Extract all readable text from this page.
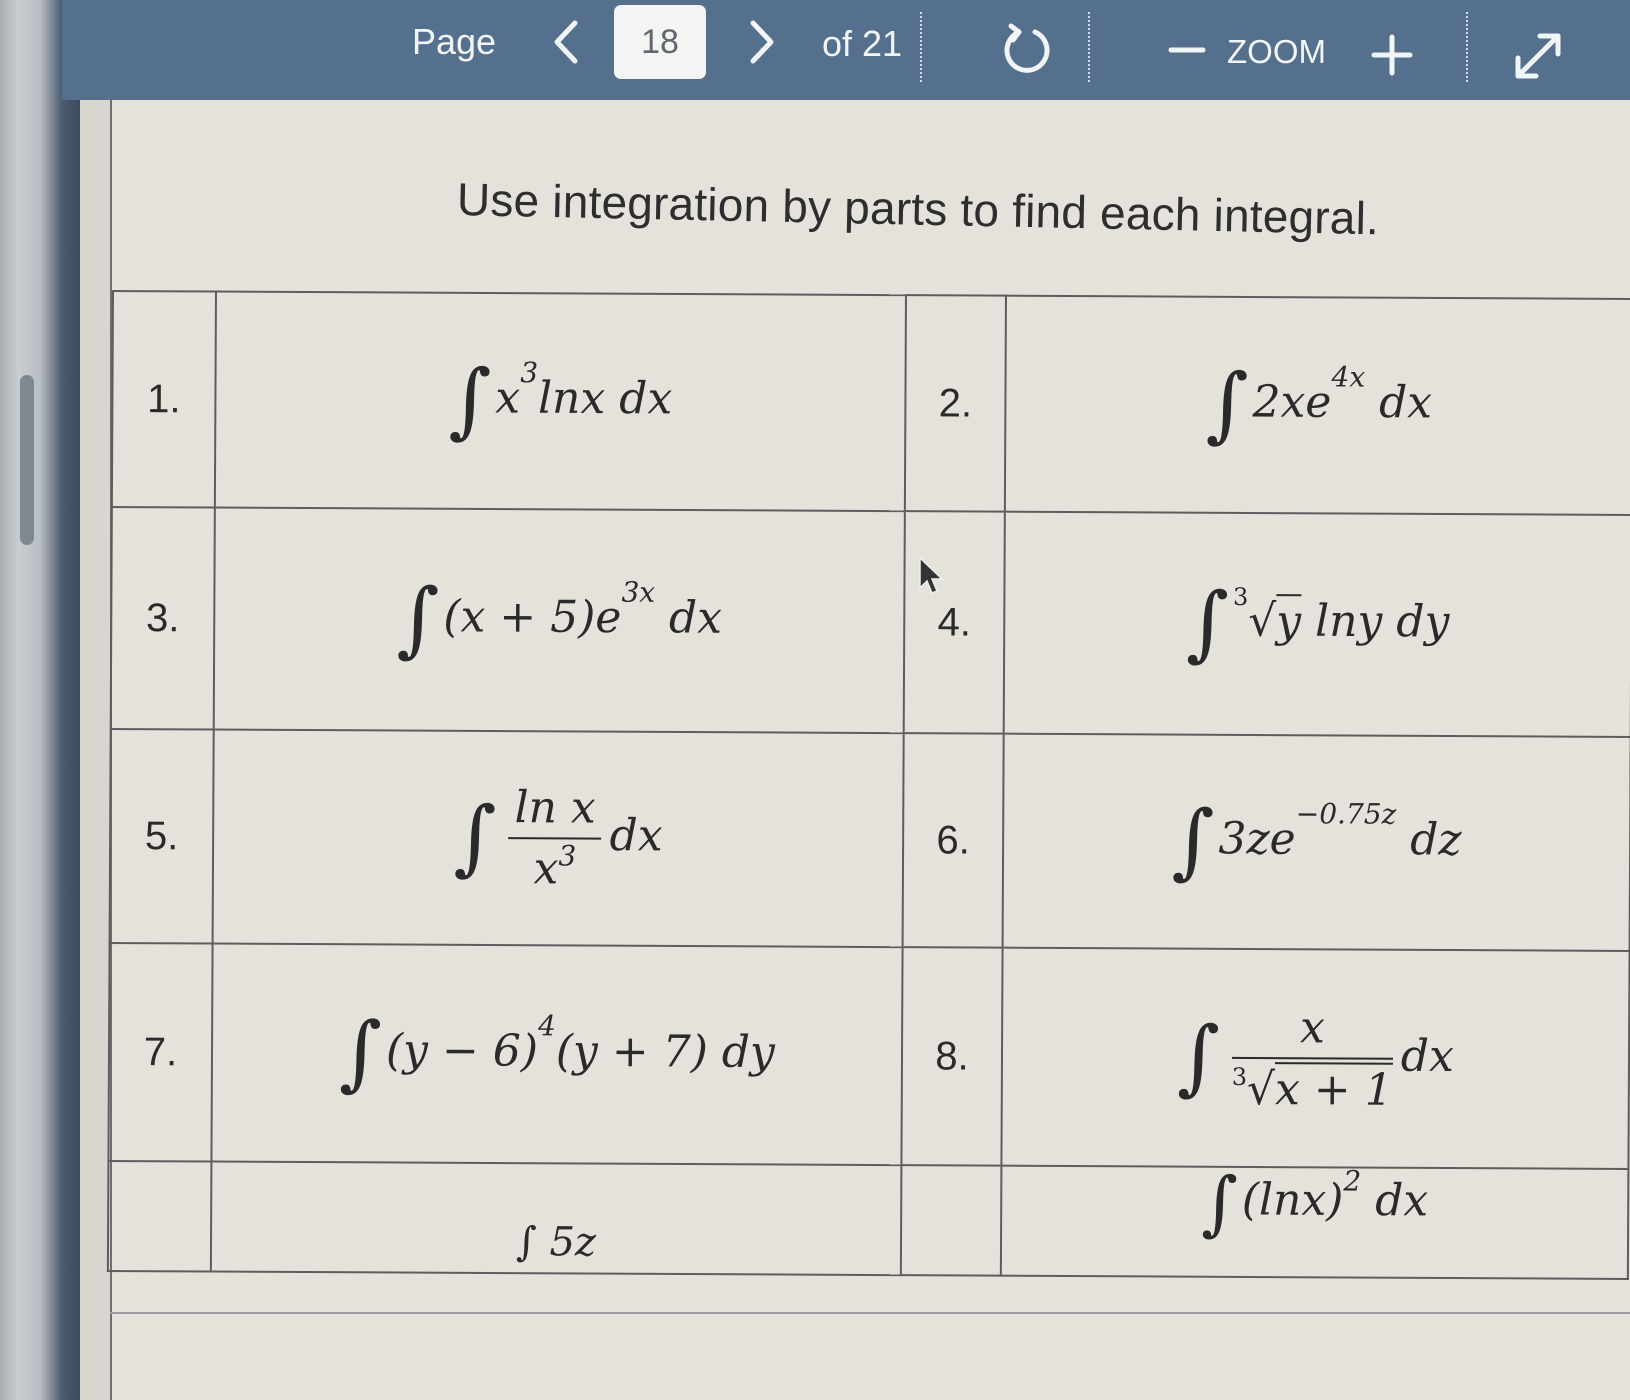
Page	18	of 21	ZOOM
Use integration by parts to find each integral.
1.	$\int x^3\ln x$ dx	2.	$\int 2xe^{4x}$ dx
3.	$\int(x + 5)e^{3x}$ dx	4.	∫ $^3$√y lny dy
5.	∫ $\frac{\text{ln x}}{x^3}$ dx	6.	$\int 3ze^{-0.75z}$ dz
7.	$\int(y - 6)^4(y + 7)$ dy	8.	∫ $\frac{x}{^3√x + 1}$ dx
	∫ 5z		$\int(\ln x)^2$ dx
